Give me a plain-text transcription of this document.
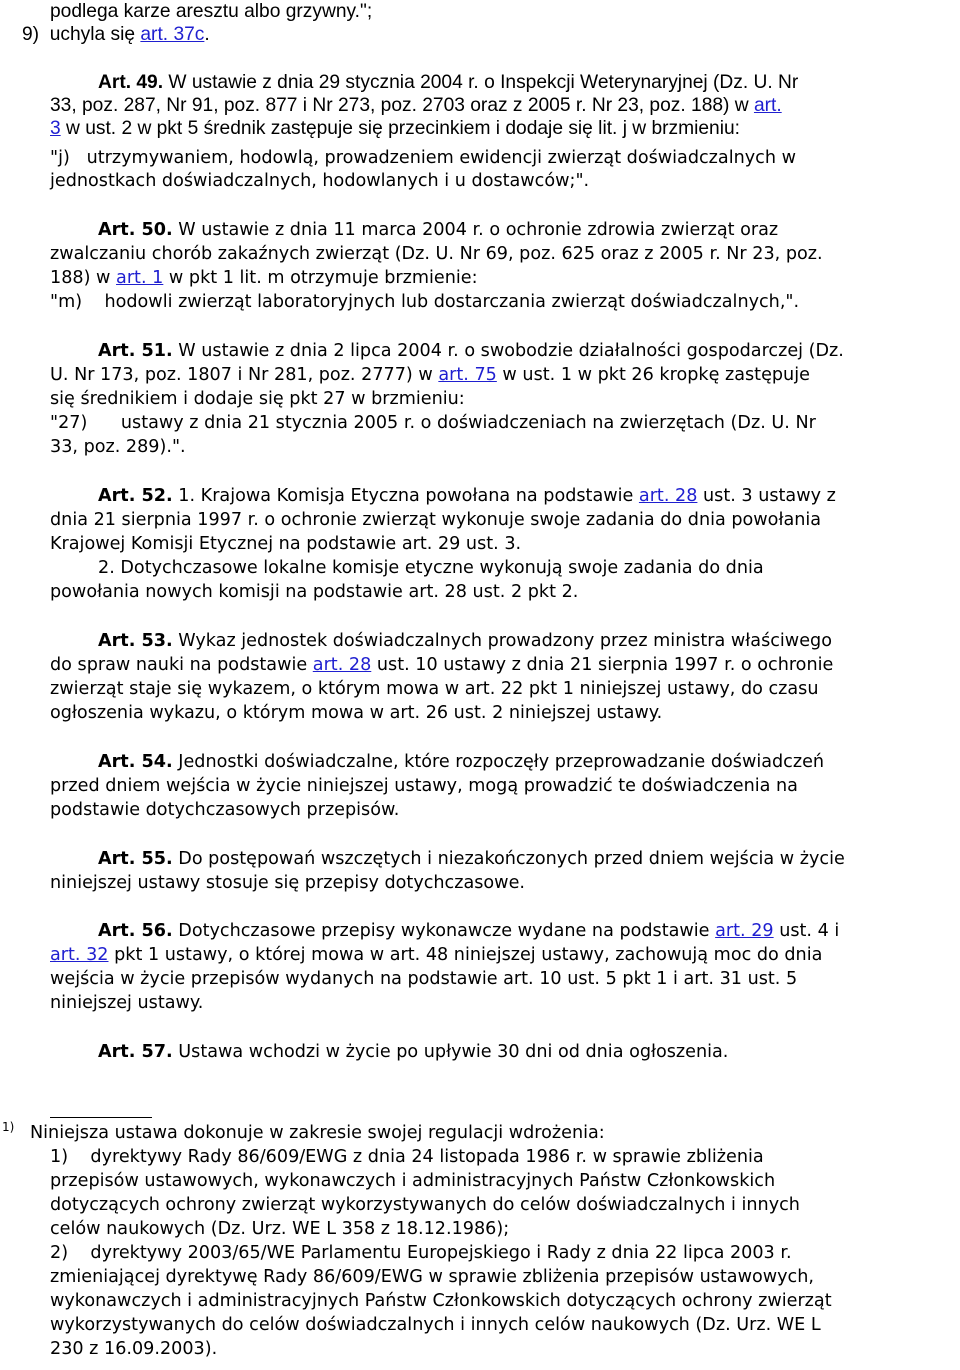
podlega karze aresztu albo grzywny.";
9)  uchyla się art. 37c.
Art. 49. W ustawie z dnia 29 stycznia 2004 r. o Inspekcji Weterynaryjnej (Dz. U. Nr
33, poz. 287, Nr 91, poz. 877 i Nr 273, poz. 2703 oraz z 2005 r. Nr 23, poz. 188) w art.
3 w ust. 2 w pkt 5 średnik zastępuje się przecinkiem i dodaje się lit. j w brzmieniu:
"j)   utrzymywaniem, hodowlą, prowadzeniem ewidencji zwierząt doświadczalnych w
jednostkach doświadczalnych, hodowlanych i u dostawców;".
Art. 50. W ustawie z dnia 11 marca 2004 r. o ochronie zdrowia zwierząt oraz
zwalczaniu chorób zakaźnych zwierząt (Dz. U. Nr 69, poz. 625 oraz z 2005 r. Nr 23, poz.
188) w art. 1 w pkt 1 lit. m otrzymuje brzmienie:
"m)    hodowli zwierząt laboratoryjnych lub dostarczania zwierząt doświadczalnych,".
Art. 51. W ustawie z dnia 2 lipca 2004 r. o swobodzie działalności gospodarczej (Dz.
U. Nr 173, poz. 1807 i Nr 281, poz. 2777) w art. 75 w ust. 1 w pkt 26 kropkę zastępuje
się średnikiem i dodaje się pkt 27 w brzmieniu:
"27)      ustawy z dnia 21 stycznia 2005 r. o doświadczeniach na zwierzętach (Dz. U. Nr
33, poz. 289).".
Art. 52. 1. Krajowa Komisja Etyczna powołana na podstawie art. 28 ust. 3 ustawy z
dnia 21 sierpnia 1997 r. o ochronie zwierząt wykonuje swoje zadania do dnia powołania
Krajowej Komisji Etycznej na podstawie art. 29 ust. 3.
2. Dotychczasowe lokalne komisje etyczne wykonują swoje zadania do dnia
powołania nowych komisji na podstawie art. 28 ust. 2 pkt 2.
Art. 53. Wykaz jednostek doświadczalnych prowadzony przez ministra właściwego
do spraw nauki na podstawie art. 28 ust. 10 ustawy z dnia 21 sierpnia 1997 r. o ochronie
zwierząt staje się wykazem, o którym mowa w art. 22 pkt 1 niniejszej ustawy, do czasu
ogłoszenia wykazu, o którym mowa w art. 26 ust. 2 niniejszej ustawy.
Art. 54. Jednostki doświadczalne, które rozpoczęły przeprowadzanie doświadczeń
przed dniem wejścia w życie niniejszej ustawy, mogą prowadzić te doświadczenia na
podstawie dotychczasowych przepisów.
Art. 55. Do postępowań wszczętych i niezakończonych przed dniem wejścia w życie
niniejszej ustawy stosuje się przepisy dotychczasowe.
Art. 56. Dotychczasowe przepisy wykonawcze wydane na podstawie art. 29 ust. 4 i
art. 32 pkt 1 ustawy, o której mowa w art. 48 niniejszej ustawy, zachowują moc do dnia
wejścia w życie przepisów wydanych na podstawie art. 10 ust. 5 pkt 1 i art. 31 ust. 5
niniejszej ustawy.
Art. 57. Ustawa wchodzi w życie po upływie 30 dni od dnia ogłoszenia.
Niniejsza ustawa dokonuje w zakresie swojej regulacji wdrożenia:
1)    dyrektywy Rady 86/609/EWG z dnia 24 listopada 1986 r. w sprawie zbliżenia
przepisów ustawowych, wykonawczych i administracyjnych Państw Członkowskich
dotyczących ochrony zwierząt wykorzystywanych do celów doświadczalnych i innych
celów naukowych (Dz. Urz. WE L 358 z 18.12.1986);
2)    dyrektywy 2003/65/WE Parlamentu Europejskiego i Rady z dnia 22 lipca 2003 r.
zmieniającej dyrektywę Rady 86/609/EWG w sprawie zbliżenia przepisów ustawowych,
wykonawczych i administracyjnych Państw Członkowskich dotyczących ochrony zwierząt
wykorzystywanych do celów doświadczalnych i innych celów naukowych (Dz. Urz. WE L
230 z 16.09.2003).
1)
